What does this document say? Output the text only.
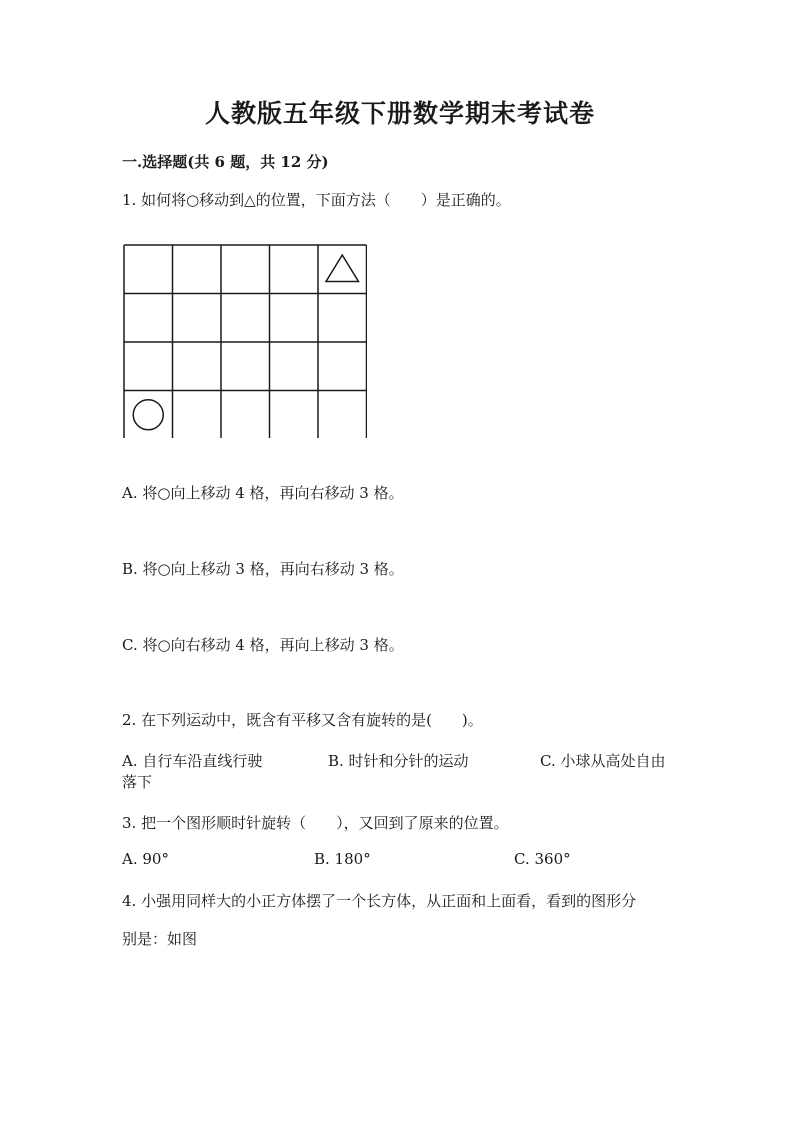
人教版五年级下册数学期末考试卷
一.选择题(共 6 题，共 12 分)
1. 如何将○移动到△的位置，下面方法（　　）是正确的。
A. 将○向上移动 4 格，再向右移动 3 格。
B. 将○向上移动 3 格，再向右移动 3 格。
C. 将○向右移动 4 格，再向上移动 3 格。
2. 在下列运动中，既含有平移又含有旋转的是(　　)。
A. 自行车沿直线行驶	B. 时针和分针的运动	C. 小球从高处自由
落下
3. 把一个图形顺时针旋转（　　），又回到了原来的位置。
A. 90°	B. 180°	C. 360°
4. 小强用同样大的小正方体摆了一个长方体，从正面和上面看，看到的图形分
别是：如图
